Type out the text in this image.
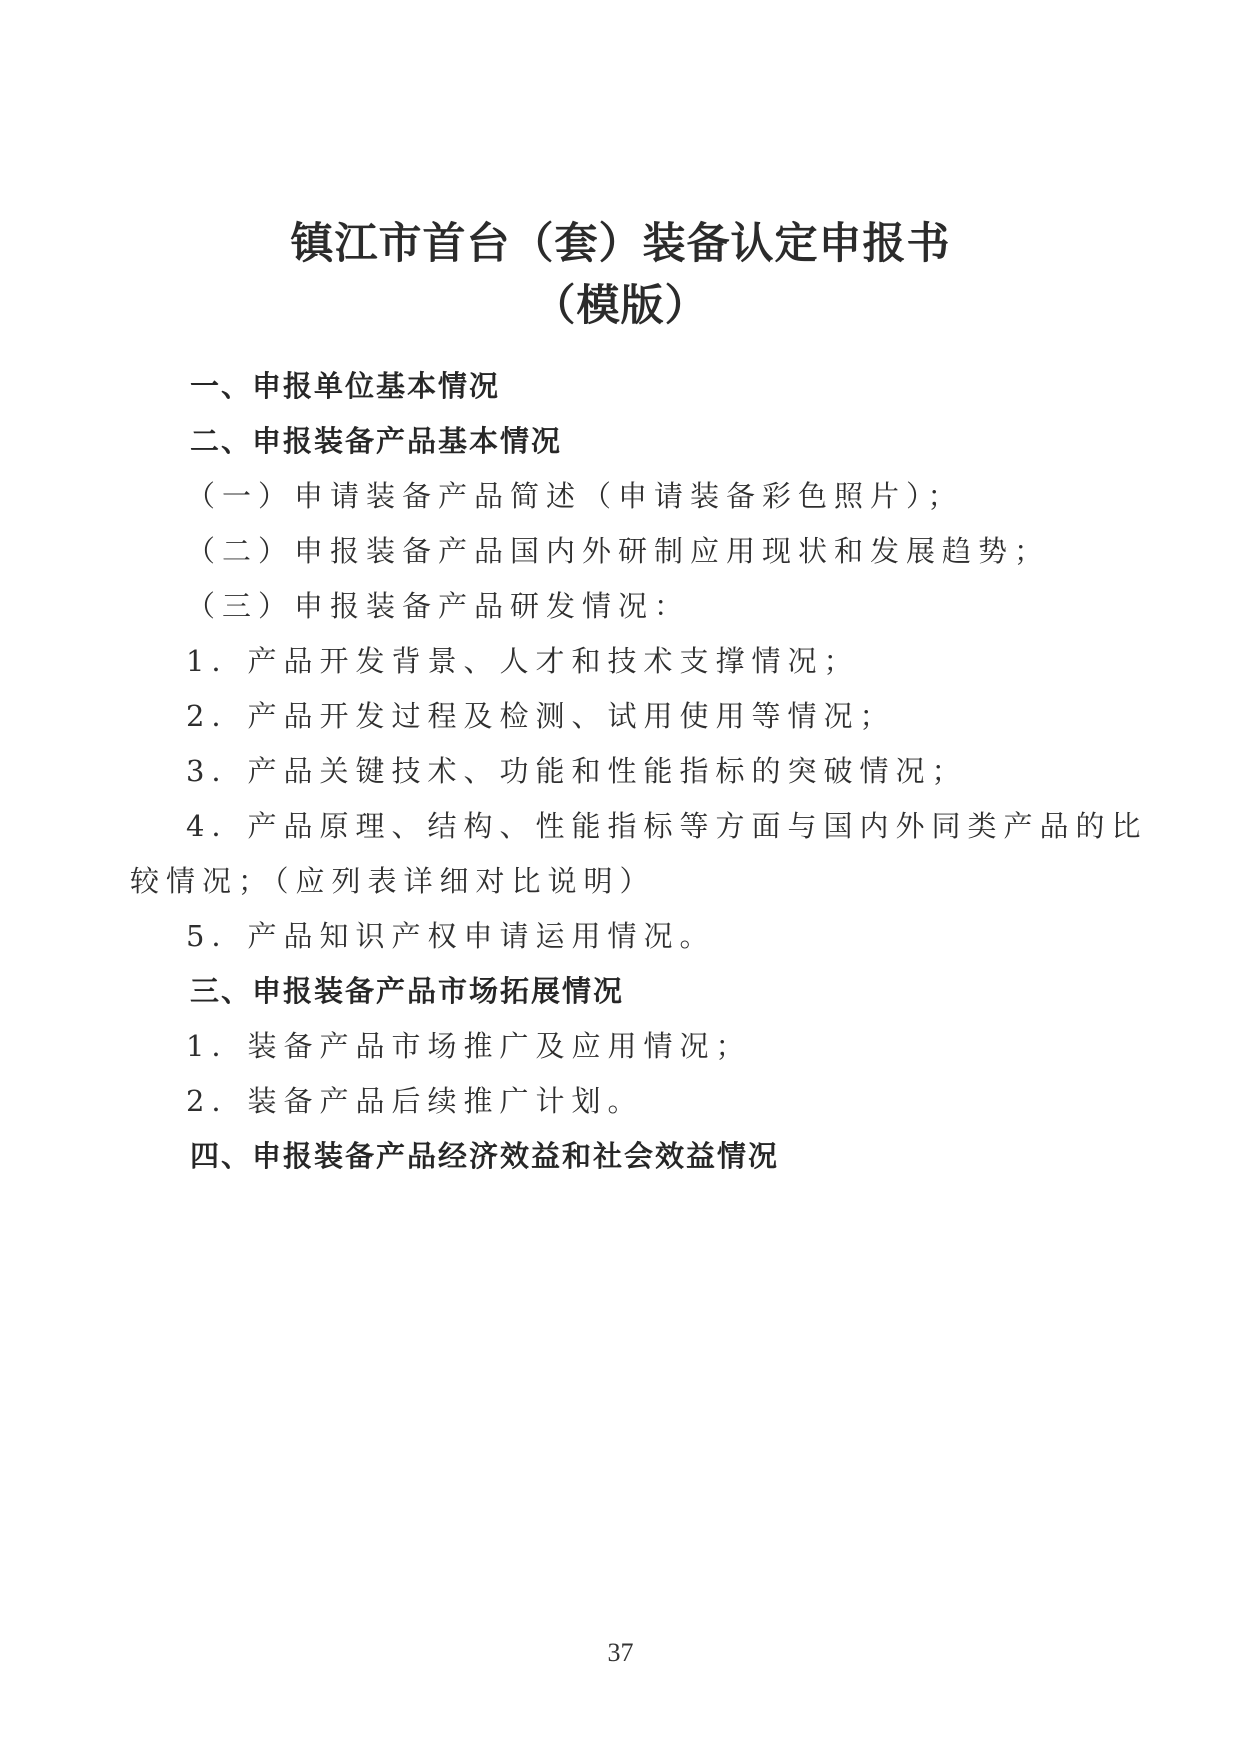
镇江市首台（套）装备认定申报书
（模版）
一、申报单位基本情况
二、申报装备产品基本情况
（一）申请装备产品简述（申请装备彩色照片）；
（二）申报装备产品国内外研制应用现状和发展趋势；
（三）申报装备产品研发情况：
1．产品开发背景、人才和技术支撑情况；
2．产品开发过程及检测、试用使用等情况；
3．产品关键技术、功能和性能指标的突破情况；
4．产品原理、结构、性能指标等方面与国内外同类产品的比
较情况；（应列表详细对比说明）
5．产品知识产权申请运用情况。
三、申报装备产品市场拓展情况
1．装备产品市场推广及应用情况；
2．装备产品后续推广计划。
四、申报装备产品经济效益和社会效益情况
37
